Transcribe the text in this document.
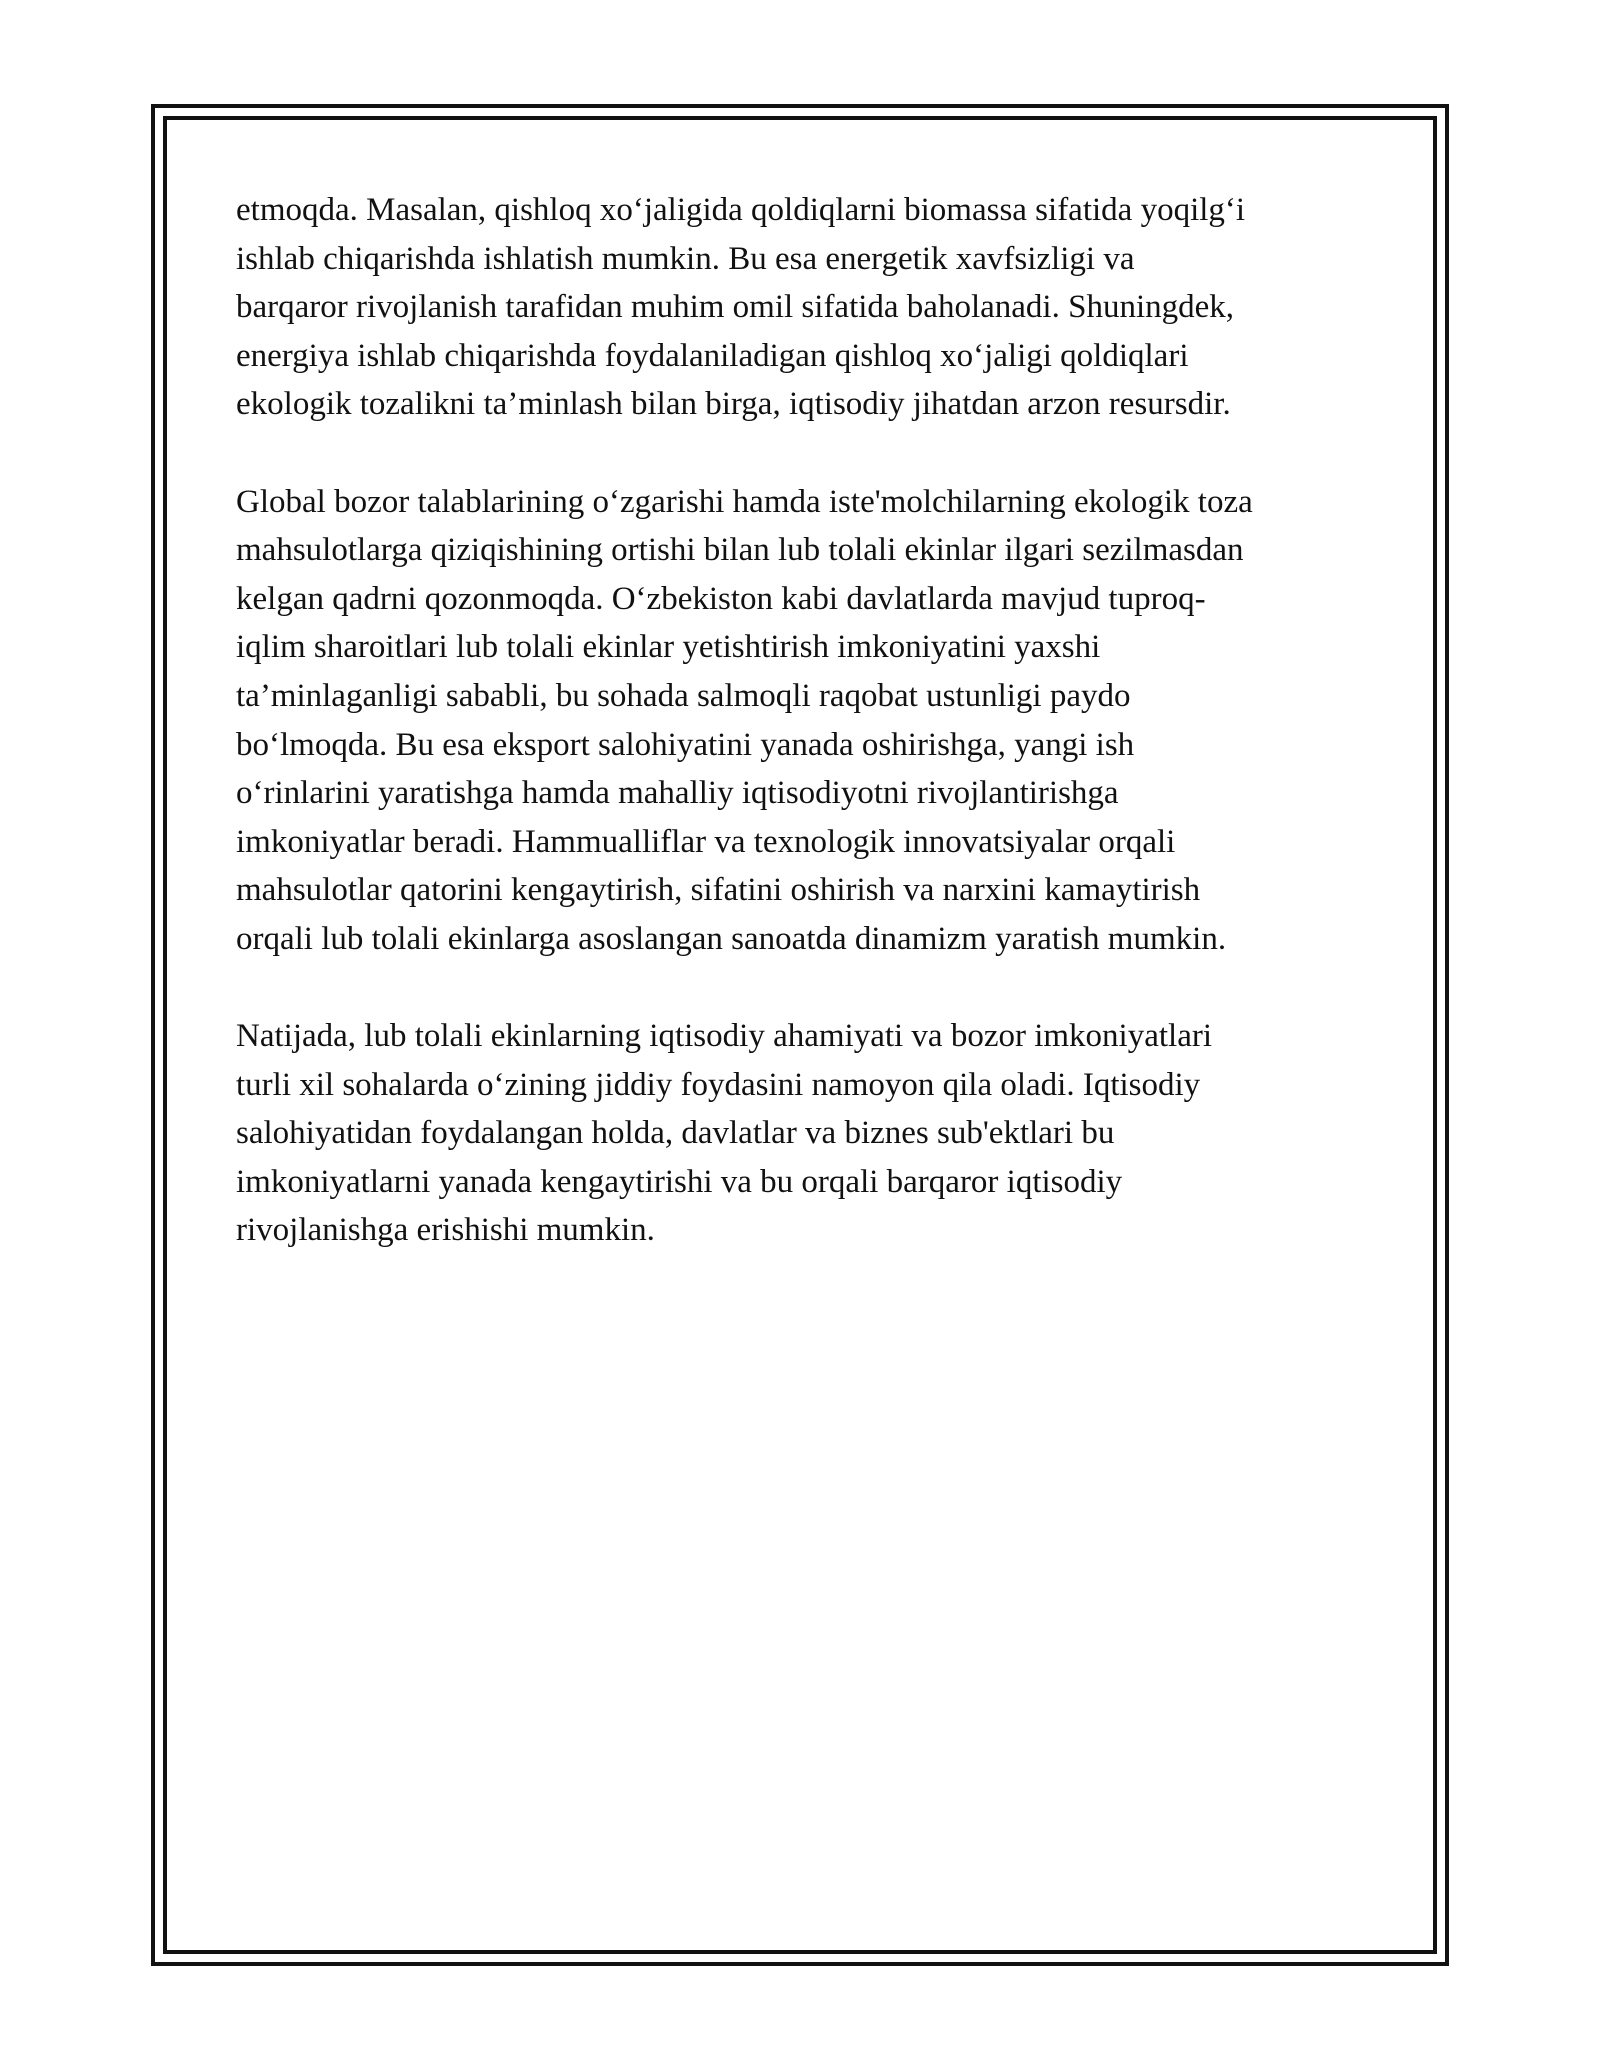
etmoqda. Masalan, qishloq xo‘jaligida qoldiqlarni biomassa sifatida yoqilg‘i
ishlab chiqarishda ishlatish mumkin. Bu esa energetik xavfsizligi va
barqaror rivojlanish tarafidan muhim omil sifatida baholanadi. Shuningdek,
energiya ishlab chiqarishda foydalaniladigan qishloq xo‘jaligi qoldiqlari
ekologik tozalikni ta’minlash bilan birga, iqtisodiy jihatdan arzon resursdir.
Global bozor talablarining o‘zgarishi hamda iste'molchilarning ekologik toza
mahsulotlarga qiziqishining ortishi bilan lub tolali ekinlar ilgari sezilmasdan
kelgan qadrni qozonmoqda. O‘zbekiston kabi davlatlarda mavjud tuproq-
iqlim sharoitlari lub tolali ekinlar yetishtirish imkoniyatini yaxshi
ta’minlaganligi sababli, bu sohada salmoqli raqobat ustunligi paydo
bo‘lmoqda. Bu esa eksport salohiyatini yanada oshirishga, yangi ish
o‘rinlarini yaratishga hamda mahalliy iqtisodiyotni rivojlantirishga
imkoniyatlar beradi. Hammualliflar va texnologik innovatsiyalar orqali
mahsulotlar qatorini kengaytirish, sifatini oshirish va narxini kamaytirish
orqali lub tolali ekinlarga asoslangan sanoatda dinamizm yaratish mumkin.
Natijada, lub tolali ekinlarning iqtisodiy ahamiyati va bozor imkoniyatlari
turli xil sohalarda o‘zining jiddiy foydasini namoyon qila oladi. Iqtisodiy
salohiyatidan foydalangan holda, davlatlar va biznes sub'ektlari bu
imkoniyatlarni yanada kengaytirishi va bu orqali barqaror iqtisodiy
rivojlanishga erishishi mumkin.
